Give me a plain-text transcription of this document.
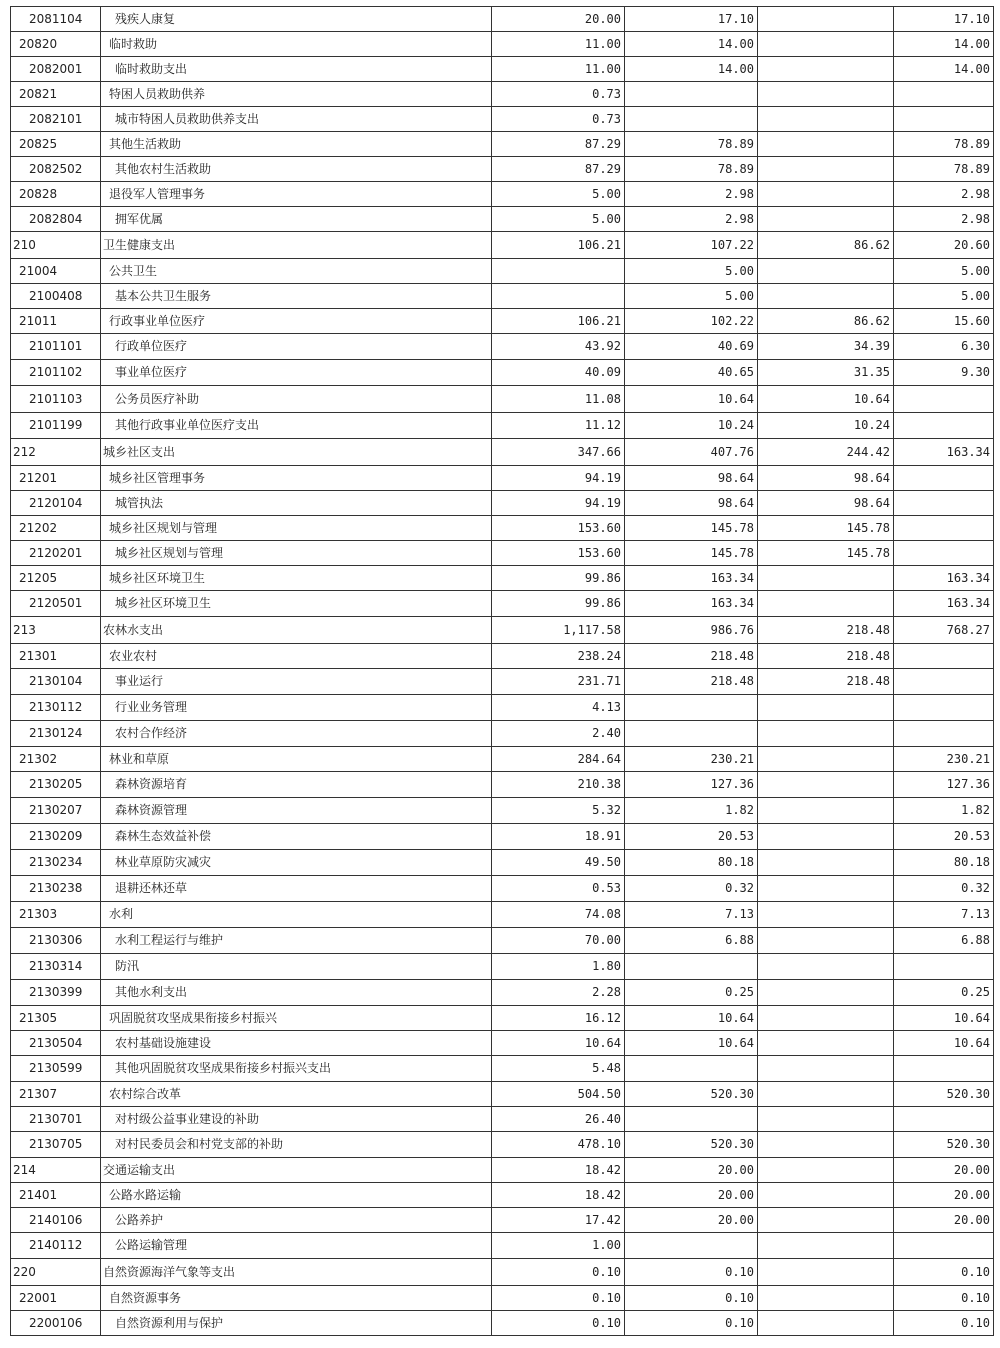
2081104	残疾人康复	20.00	17.10		17.10
20820	临时救助	11.00	14.00		14.00
2082001	临时救助支出	11.00	14.00		14.00
20821	特困人员救助供养	0.73			
2082101	城市特困人员救助供养支出	0.73			
20825	其他生活救助	87.29	78.89		78.89
2082502	其他农村生活救助	87.29	78.89		78.89
20828	退役军人管理事务	5.00	2.98		2.98
2082804	拥军优属	5.00	2.98		2.98
210	卫生健康支出	106.21	107.22	86.62	20.60
21004	公共卫生		5.00		5.00
2100408	基本公共卫生服务		5.00		5.00
21011	行政事业单位医疗	106.21	102.22	86.62	15.60
2101101	行政单位医疗	43.92	40.69	34.39	6.30
2101102	事业单位医疗	40.09	40.65	31.35	9.30
2101103	公务员医疗补助	11.08	10.64	10.64	
2101199	其他行政事业单位医疗支出	11.12	10.24	10.24	
212	城乡社区支出	347.66	407.76	244.42	163.34
21201	城乡社区管理事务	94.19	98.64	98.64	
2120104	城管执法	94.19	98.64	98.64	
21202	城乡社区规划与管理	153.60	145.78	145.78	
2120201	城乡社区规划与管理	153.60	145.78	145.78	
21205	城乡社区环境卫生	99.86	163.34		163.34
2120501	城乡社区环境卫生	99.86	163.34		163.34
213	农林水支出	1,117.58	986.76	218.48	768.27
21301	农业农村	238.24	218.48	218.48	
2130104	事业运行	231.71	218.48	218.48	
2130112	行业业务管理	4.13			
2130124	农村合作经济	2.40			
21302	林业和草原	284.64	230.21		230.21
2130205	森林资源培育	210.38	127.36		127.36
2130207	森林资源管理	5.32	1.82		1.82
2130209	森林生态效益补偿	18.91	20.53		20.53
2130234	林业草原防灾减灾	49.50	80.18		80.18
2130238	退耕还林还草	0.53	0.32		0.32
21303	水利	74.08	7.13		7.13
2130306	水利工程运行与维护	70.00	6.88		6.88
2130314	防汛	1.80			
2130399	其他水利支出	2.28	0.25		0.25
21305	巩固脱贫攻坚成果衔接乡村振兴	16.12	10.64		10.64
2130504	农村基础设施建设	10.64	10.64		10.64
2130599	其他巩固脱贫攻坚成果衔接乡村振兴支出	5.48			
21307	农村综合改革	504.50	520.30		520.30
2130701	对村级公益事业建设的补助	26.40			
2130705	对村民委员会和村党支部的补助	478.10	520.30		520.30
214	交通运输支出	18.42	20.00		20.00
21401	公路水路运输	18.42	20.00		20.00
2140106	公路养护	17.42	20.00		20.00
2140112	公路运输管理	1.00			
220	自然资源海洋气象等支出	0.10	0.10		0.10
22001	自然资源事务	0.10	0.10		0.10
2200106	自然资源利用与保护	0.10	0.10		0.10
